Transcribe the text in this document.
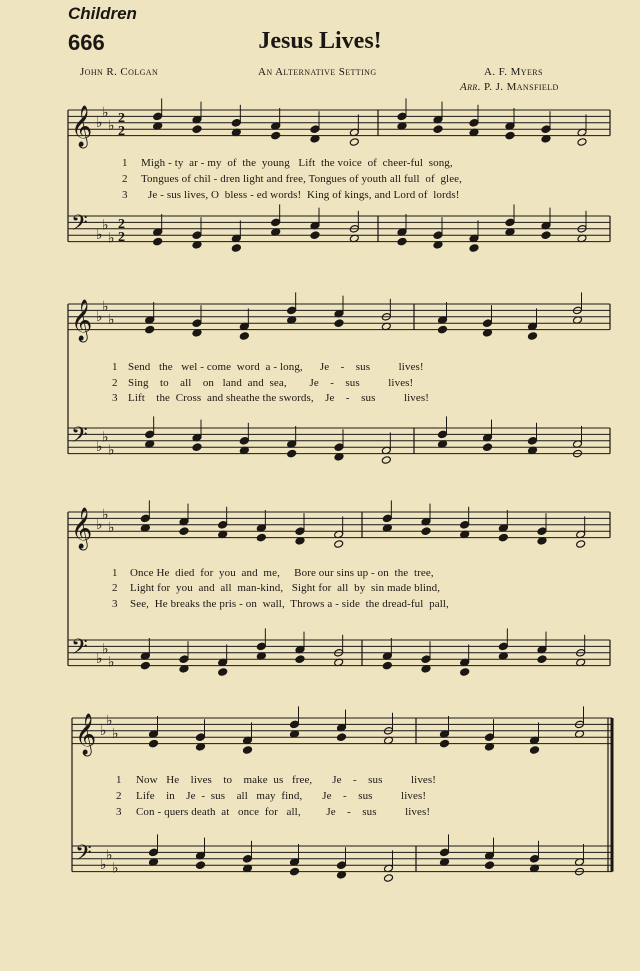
Children
666	Jesus Lives!
John R. Colgan	An Alternative Setting	A. F. Myers
Arr. P. J. Mansfield
𝄞 ♭
♭
♭
𝄢 ♭
♭
♭
2
2
2
2
𝄞 ♭
♭
♭
𝄢 ♭
♭
♭
𝄞 ♭
♭
♭
𝄢 ♭
♭
♭
𝄞 ♭
♭
♭
𝄢 ♭
♭
♭
1 Migh - ty  ar - my  of  the  young   Lift  the voice  of  cheer-ful  song,
2 Tongues of chil - dren light and free, Tongues of youth all full  of  glee,
3 Je - sus lives, O  bless - ed words!  King of kings, and Lord of  lords!
1 Send   the   wel - come  word  a - long,      Je    -    sus          lives!
2 Sing    to    all    on   land  and  sea,        Je    -    sus          lives!
3 Lift    the  Cross  and sheathe the swords,    Je    -    sus          lives!
1 Once He  died  for  you  and  me,     Bore our sins up - on  the  tree,
2 Light for  you  and  all  man-kind,   Sight for  all  by  sin made blind,
3 See,  He breaks the pris - on  wall,  Throws a - side  the dread-ful  pall,
1 Now   He    lives    to    make  us   free,       Je    -    sus          lives!
2 Life    in    Je  -  sus    all   may  find,       Je    -    sus          lives!
3 Con - quers death  at   once  for   all,         Je    -    sus          lives!
